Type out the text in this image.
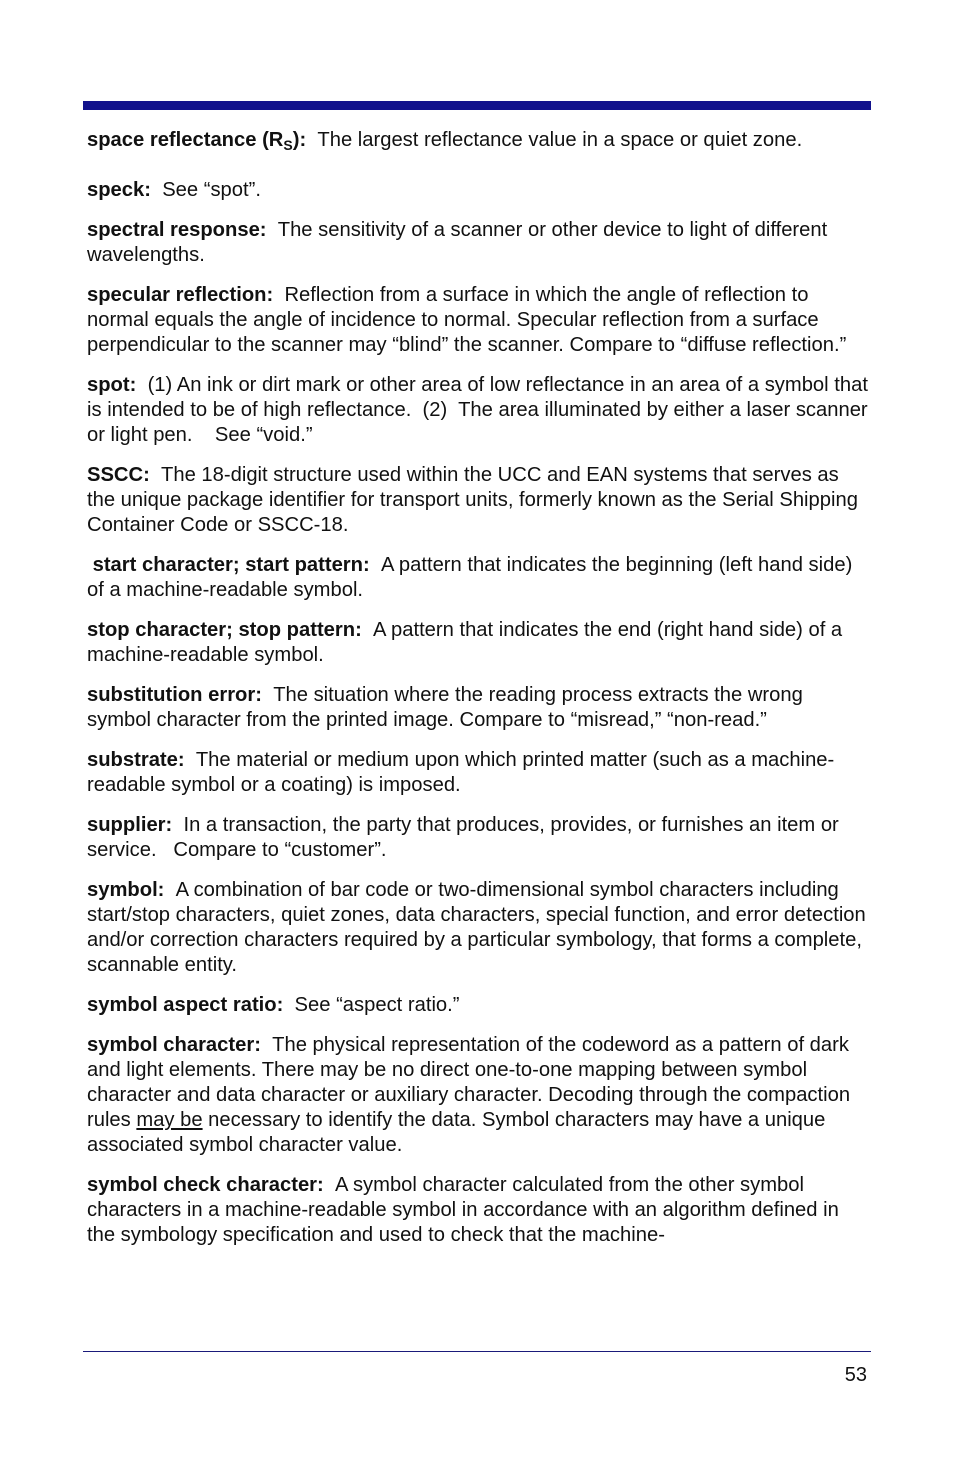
space reflectance (RS): The largest reflectance value in a space or quiet zone.

speck: See “spot”.

spectral response: The sensitivity of a scanner or other device to light of different wavelengths.

specular reflection: Reflection from a surface in which the angle of reflection to normal equals the angle of incidence to normal. Specular reflection from a surface perpendicular to the scanner may “blind” the scanner. Compare to “diffuse reflection.”

spot: (1) An ink or dirt mark or other area of low reflectance in an area of a symbol that is intended to be of high reflectance.  (2)  The area illuminated by either a laser scanner or light pen.    See “void.”

SSCC: The 18-digit structure used within the UCC and EAN systems that serves as the unique package identifier for transport units, formerly known as the Serial Shipping Container Code or SSCC-18.

start character; start pattern: A pattern that indicates the beginning (left hand side) of a machine-readable symbol.

stop character; stop pattern: A pattern that indicates the end (right hand side) of a machine-readable symbol.

substitution error: The situation where the reading process extracts the wrong symbol character from the printed image. Compare to “misread,” “non-read.”

substrate: The material or medium upon which printed matter (such as a machine-readable symbol or a coating) is imposed.

supplier: In a transaction, the party that produces, provides, or furnishes an item or service.   Compare to “customer”.

symbol: A combination of bar code or two-dimensional symbol characters including start/stop characters, quiet zones, data characters, special function, and error detection and/or correction characters required by a particular symbology, that forms a complete, scannable entity.

symbol aspect ratio: See “aspect ratio.”

symbol character: The physical representation of the codeword as a pattern of dark and light elements. There may be no direct one-to-one mapping between symbol character and data character or auxiliary character. Decoding through the compaction rules may be necessary to identify the data. Symbol characters may have a unique associated symbol character value.

symbol check character: A symbol character calculated from the other symbol characters in a machine-readable symbol in accordance with an algorithm defined in the symbology specification and used to check that the machine-

53
